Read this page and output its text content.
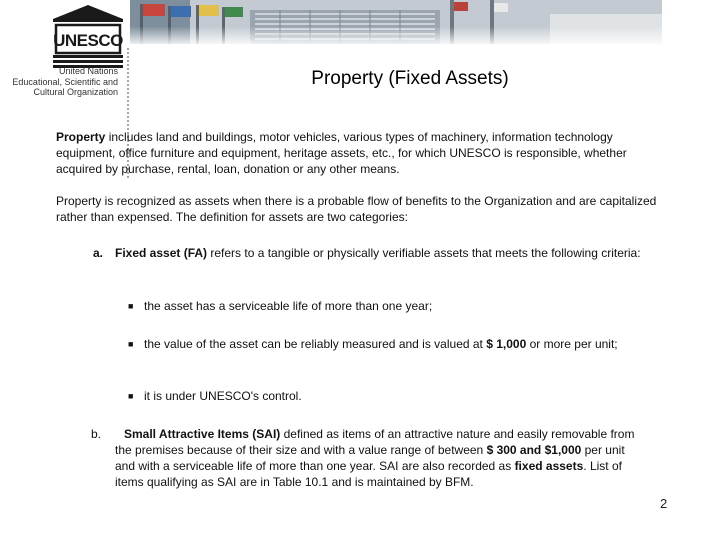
UNESCO
United Nations
Educational, Scientific and
Cultural Organization
Property (Fixed Assets)
Property includes land and buildings, motor vehicles, various types of machinery, information technology equipment, office furniture and equipment, heritage assets, etc., for which UNESCO is responsible, whether acquired by purchase, rental, loan, donation or any other means.
Property is recognized as assets when there is a probable flow of benefits to the Organization and are capitalized rather than expensed. The definition for assets are two categories:
a. Fixed asset (FA) refers to a tangible or physically verifiable assets that meets the following criteria:
■ the asset has a serviceable life of more than one year;
■ the value of the asset can be reliably measured and is valued at $ 1,000 or more per unit;
■ it is under UNESCO's control.
b.	Small Attractive Items (SAI) defined as items of an attractive nature and easily removable from the premises because of their size and with a value range of between $ 300 and $1,000 per unit and with a serviceable life of more than one year. SAI are also recorded as fixed assets. List of items qualifying as SAI are in Table 10.1 and is maintained by BFM.
2
